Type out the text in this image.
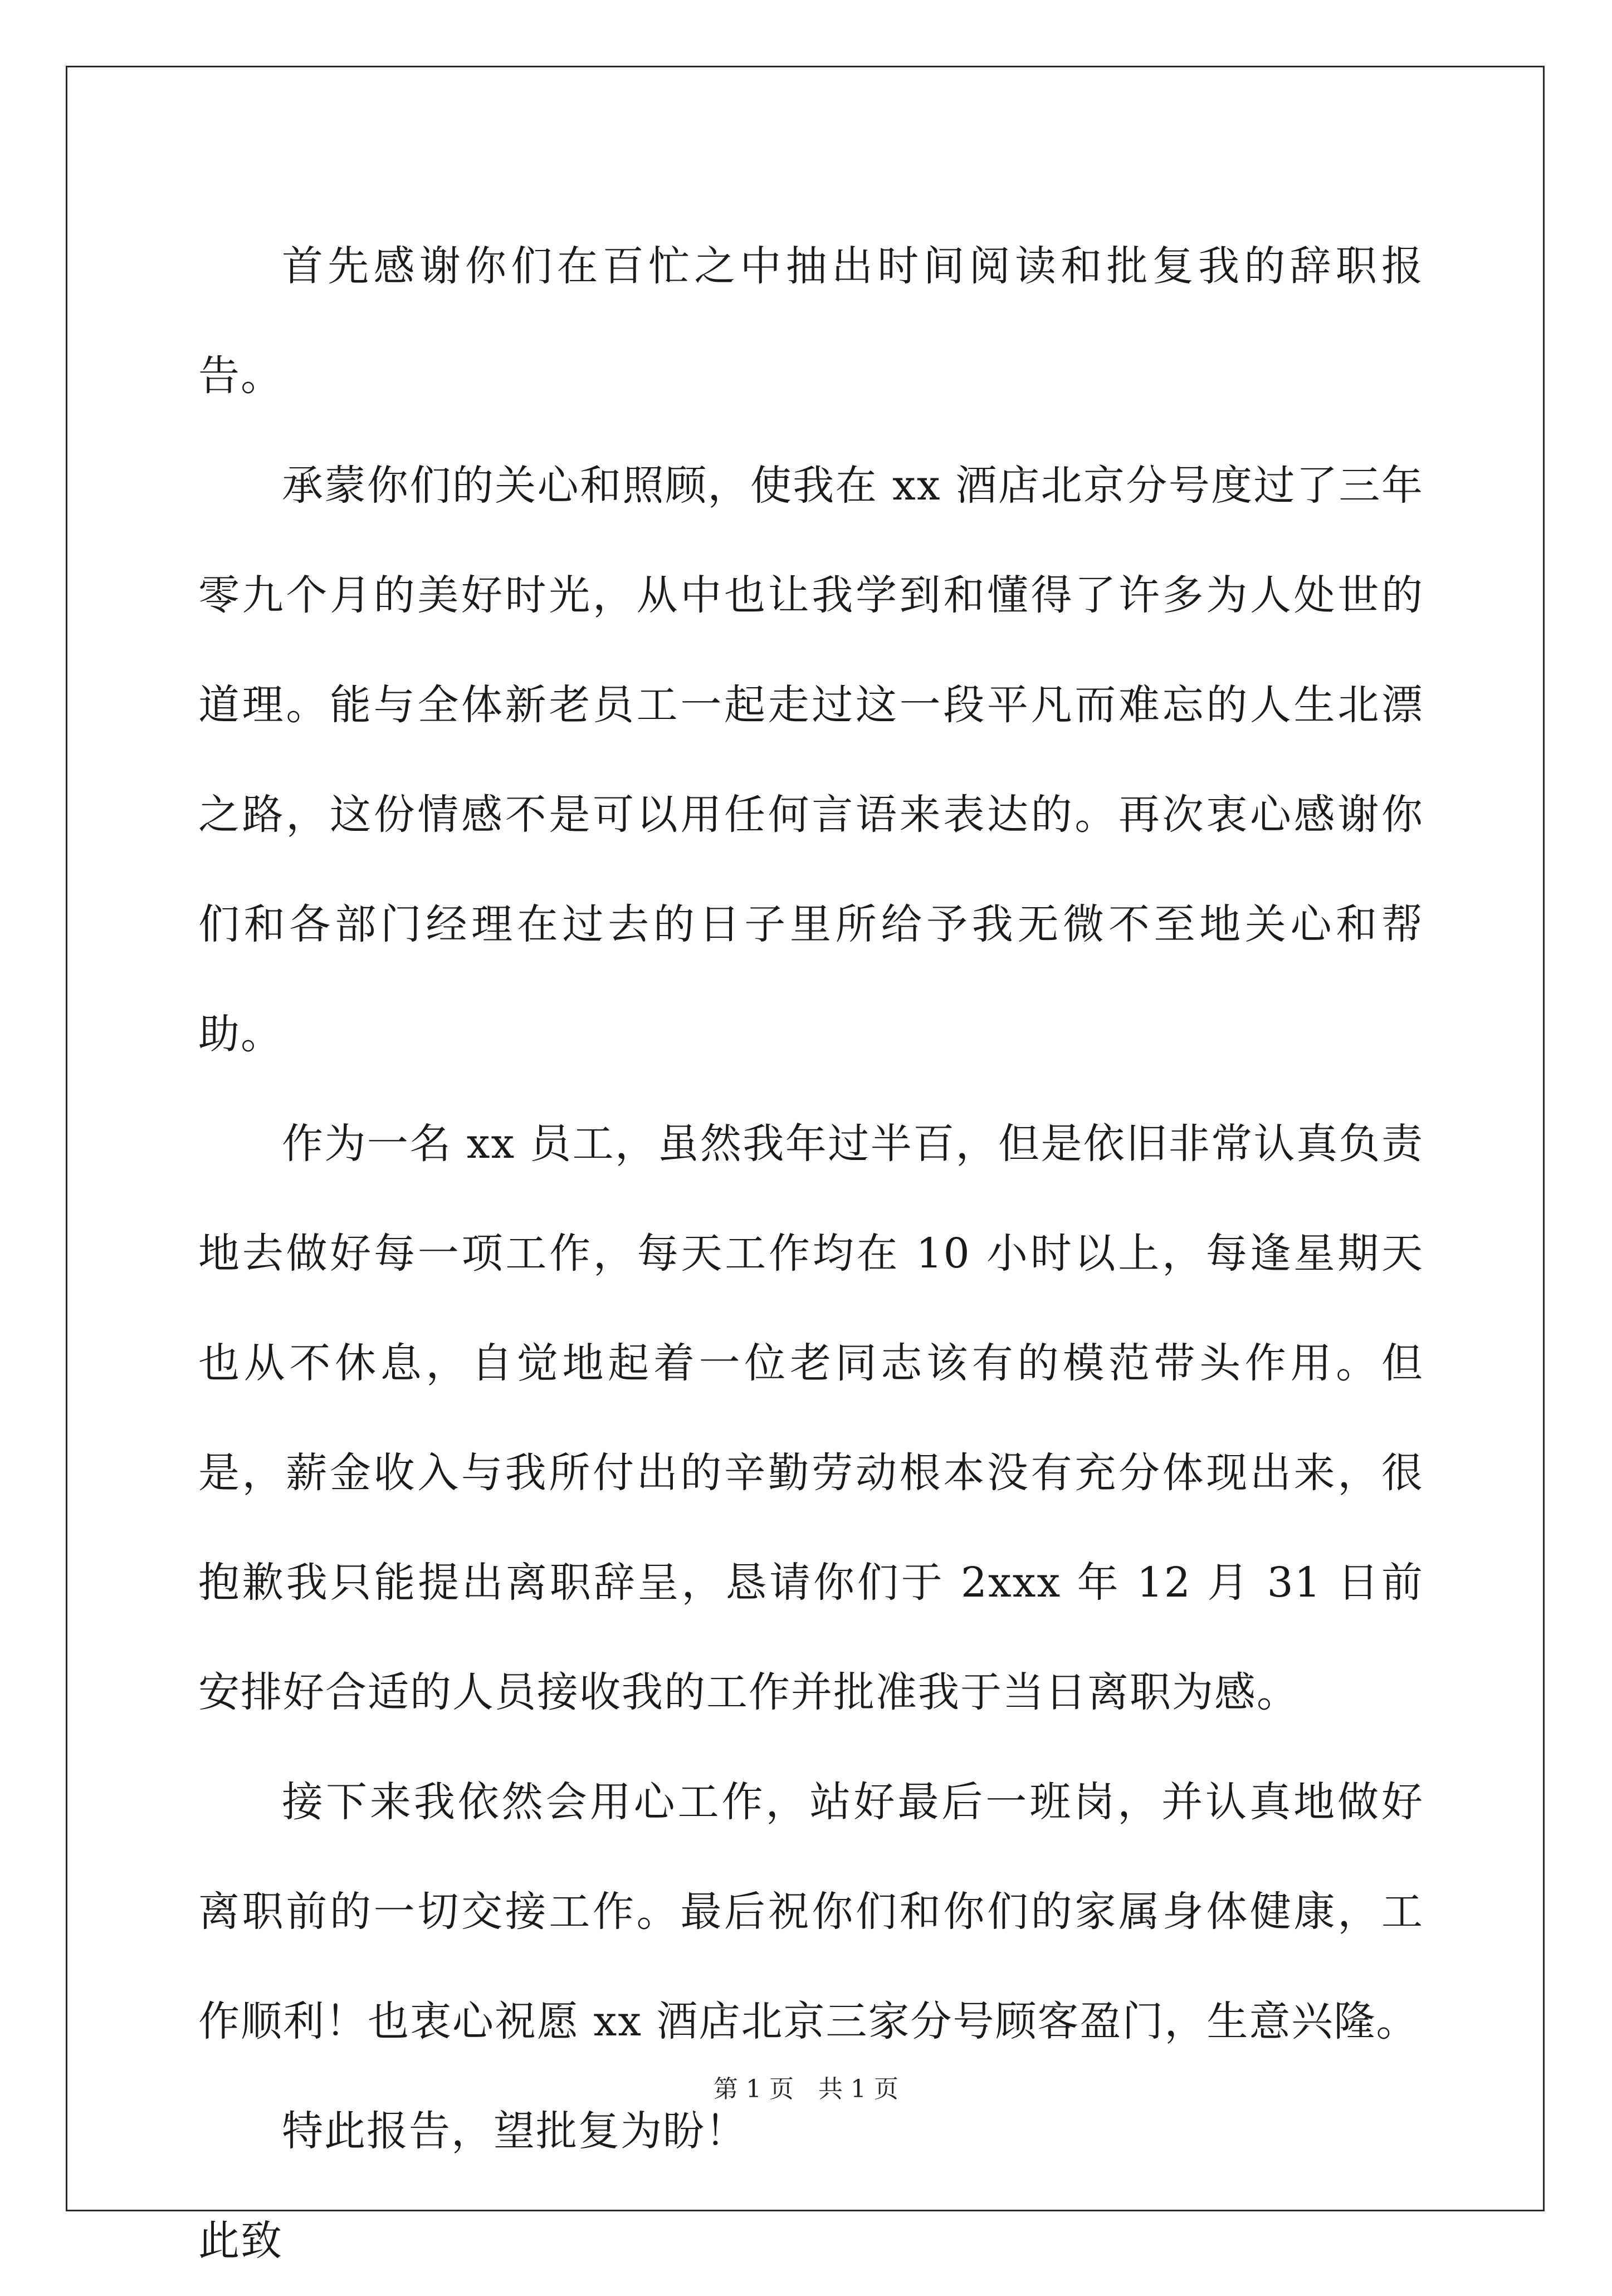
首先感谢你们在百忙之中抽出时间阅读和批复我的辞职报告。

承蒙你们的关心和照顾，使我在 xx 酒店北京分号度过了三年零九个月的美好时光，从中也让我学到和懂得了许多为人处世的道理。能与全体新老员工一起走过这一段平凡而难忘的人生北漂之路，这份情感不是可以用任何言语来表达的。再次衷心感谢你们和各部门经理在过去的日子里所给予我无微不至地关心和帮助。

作为一名 xx 员工，虽然我年过半百，但是依旧非常认真负责地去做好每一项工作，每天工作均在 10 小时以上，每逢星期天也从不休息，自觉地起着一位老同志该有的模范带头作用。但是，薪金收入与我所付出的辛勤劳动根本没有充分体现出来，很抱歉我只能提出离职辞呈，恳请你们于 2xxx 年 12 月 31 日前安排好合适的人员接收我的工作并批准我于当日离职为感。

接下来我依然会用心工作，站好最后一班岗，并认真地做好离职前的一切交接工作。最后祝你们和你们的家属身体健康，工作顺利！也衷心祝愿 xx 酒店北京三家分号顾客盈门，生意兴隆。

特此报告，望批复为盼！

此致

第 1 页　共 1 页
